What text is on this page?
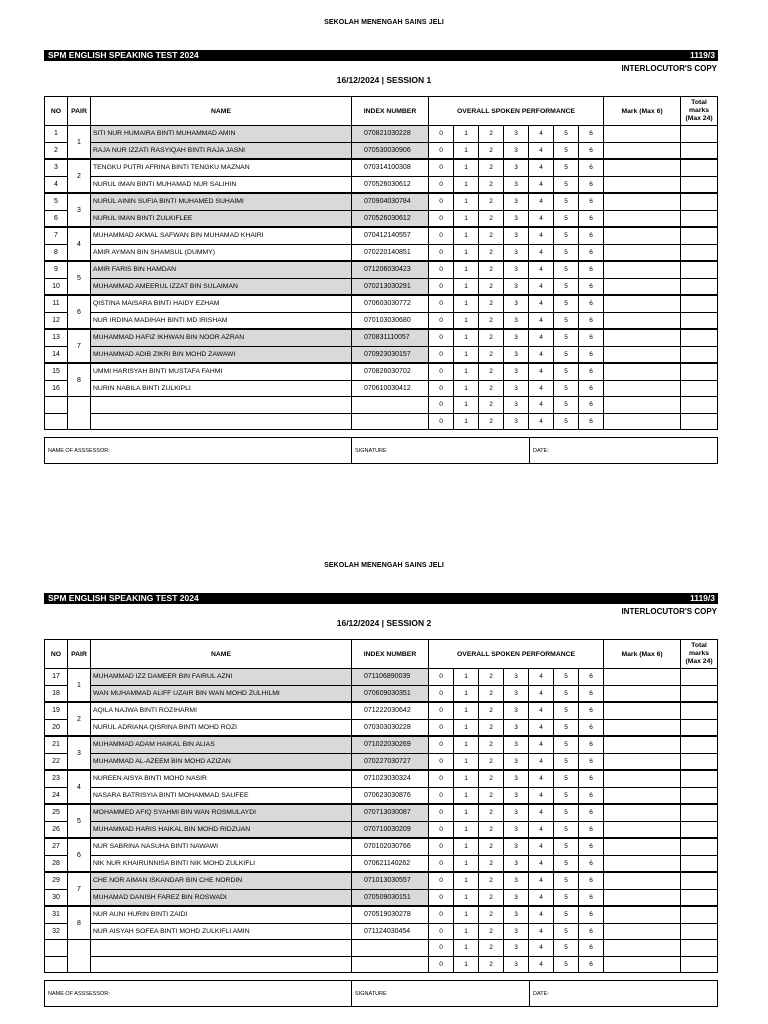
SEKOLAH MENENGAH SAINS JELI
SPM ENGLISH SPEAKING TEST 2024	1119/3
INTERLOCUTOR'S COPY
16/12/2024 | SESSION 1
NO	PAIR	NAME	INDEX NUMBER	OVERALL SPOKEN PERFORMANCE							Mark (Max 6)	Total marks (Max 24)
1	1	SITI NUR HUMAIRA BINTI MUHAMMAD AMIN	070821030228	0	1	2	3	4	5	6		
2		RAJA NUR IZZATI RASYIQAH BINTI RAJA JASNI	070530030906	0	1	2	3	4	5	6		
3	2	TENGKU PUTRI AFRINA BINTI TENGKU MAZNAN	070314100308	0	1	2	3	4	5	6		
4		NURUL IMAN BINTI MUHAMAD NUR SALIHIN	070526030612	0	1	2	3	4	5	6		
5	3	NURUL AININ SUFIA BINTI MUHAMED SUHAIMI	070904030784	0	1	2	3	4	5	6		
6		NURUL IMAN BINTI ZULKIFLEE	070526030612	0	1	2	3	4	5	6		
7	4	MUHAMMAD AKMAL SAFWAN BIN MUHAMAD KHAIRI	070412140557	0	1	2	3	4	5	6		
8		AMIR AYMAN BIN SHAMSUL (DUMMY)	070220140851	0	1	2	3	4	5	6		
9	5	AMIR FARIS BIN HAMDAN	071206030423	0	1	2	3	4	5	6		
10		MUHAMMAD AMEERUL IZZAT BIN SULAIMAN	070213030291	0	1	2	3	4	5	6		
11	6	QISTINA MAISARA BINTI HAIDY EZHAM	070603030772	0	1	2	3	4	5	6		
12		NUR IRDINA MADIHAH BINTI MD IRISHAM	070103030680	0	1	2	3	4	5	6		
13	7	MUHAMMAD HAFIZ IKHWAN BIN NOOR AZRAN	070831110057	0	1	2	3	4	5	6		
14		MUHAMMAD ADIB ZIKRI BIN MOHD ZAWAWI	070923030157	0	1	2	3	4	5	6		
15	8	UMMI HARISYAH BINTI MUSTAFA FAHMI	070826030702	0	1	2	3	4	5	6		
16		NURIN NABILA BINTI ZULKIPLI	070610030412	0	1	2	3	4	5	6		
				0	1	2	3	4	5	6		
				0	1	2	3	4	5	6		
NAME OF ASSSESSOR:	SIGNATURE	DATE:
SEKOLAH MENENGAH SAINS JELI
SPM ENGLISH SPEAKING TEST 2024	1119/3
INTERLOCUTOR'S COPY
16/12/2024 | SESSION 2
NO	PAIR	NAME	INDEX NUMBER	OVERALL SPOKEN PERFORMANCE							Mark (Max 6)	Total marks (Max 24)
17	1	MUHAMMAD IZZ DAMEER BIN FAIRUL AZNI	071106890039	0	1	2	3	4	5	6		
18		WAN MUHAMMAD ALIFF UZAIR BIN WAN MOHD ZULHILMI	070609030351	0	1	2	3	4	5	6		
19	2	AQILA NAJWA BINTI ROZIHARMI	071222030642	0	1	2	3	4	5	6		
20		NURUL ADRIANA QISRINA BINTI MOHD ROZI	070303030228	0	1	2	3	4	5	6		
21	3	MUHAMMAD ADAM HAIKAL BIN ALIAS	071022030269	0	1	2	3	4	5	6		
22		MUHAMMAD AL-AZEEM BIN MOHD AZIZAN	070227030727	0	1	2	3	4	5	6		
23	4	NUREEN AISYA BINTI MOHD NASIR	071023030324	0	1	2	3	4	5	6		
24		NASARA BATRISYIA BINTI MOHAMMAD SAUFEE	070623030876	0	1	2	3	4	5	6		
25	5	MOHAMMED AFIQ SYAHMI BIN WAN ROSMULAYDI	070713030087	0	1	2	3	4	5	6		
26		MUHAMMAD HARIS HAIKAL BIN MOHD RIDZUAN	070710030209	0	1	2	3	4	5	6		
27	6	NUR SABRINA NASUHA BINTI NAWAWI	070102030766	0	1	2	3	4	5	6		
28		NIK NUR KHAIRUNNISA BINTI NIK MOHD ZULKIFLI	070621140262	0	1	2	3	4	5	6		
29	7	CHE NOR AIMAN ISKANDAR BIN CHE NORDIN	071013030557	0	1	2	3	4	5	6		
30		MUHAMAD DANISH FAREZ BIN ROSWADI	070509030151	0	1	2	3	4	5	6		
31	8	NUR AUNI HURIN BINTI ZAIDI	070519030278	0	1	2	3	4	5	6		
32		NUR AISYAH SOFEA BINTI MOHD ZULKIFLI AMIN	071124030454	0	1	2	3	4	5	6		
				0	1	2	3	4	5	6		
				0	1	2	3	4	5	6		
NAME OF ASSSESSOR:	SIGNATURE	DATE:
